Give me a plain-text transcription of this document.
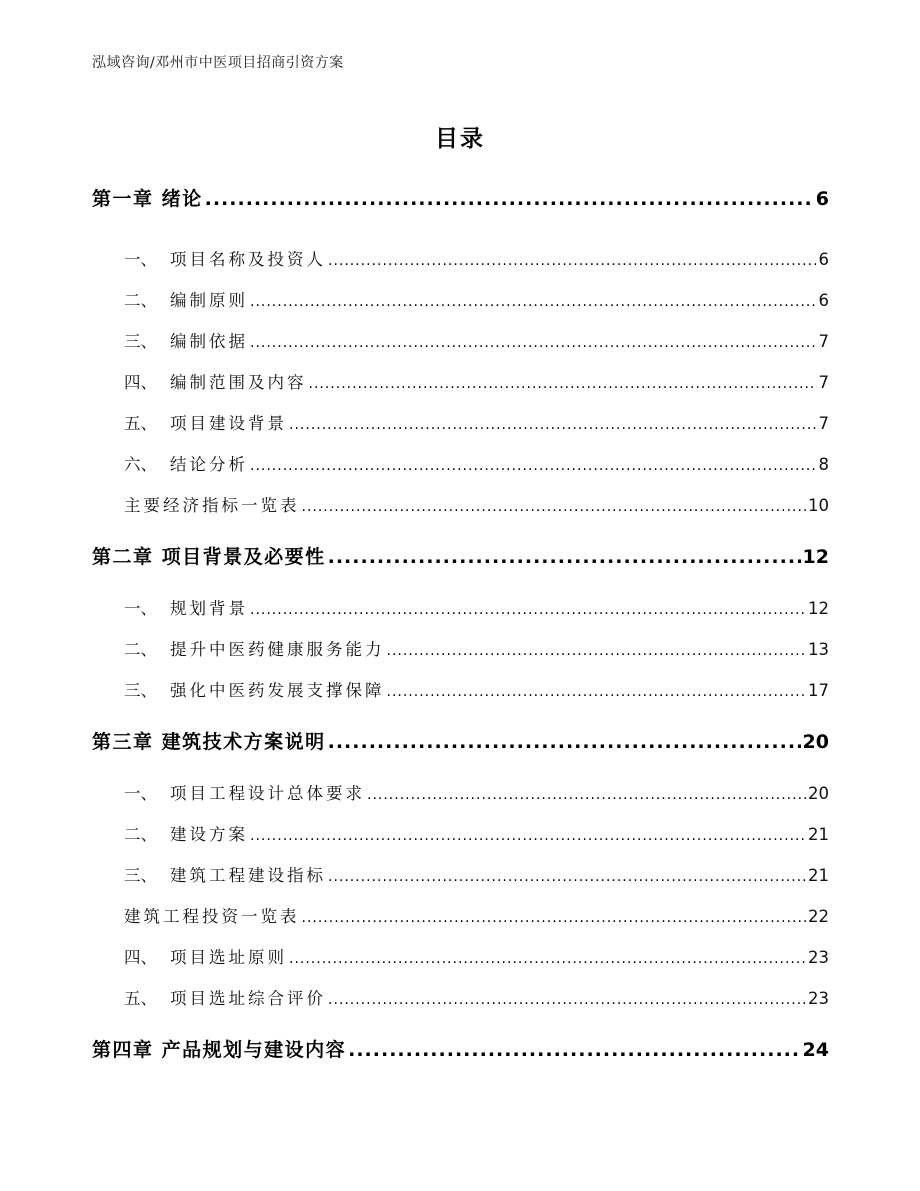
泓域咨询/邓州市中医项目招商引资方案
目录
第一章 绪论 .....	6
一、 项目名称及投资人 .....	6
二、 编制原则 .....	6
三、 编制依据 .....	7
四、 编制范围及内容 .....	7
五、 项目建设背景 .....	7
六、 结论分析 .....	8
主要经济指标一览表 .....	10
第二章 项目背景及必要性 .....	12
一、 规划背景 .....	12
二、 提升中医药健康服务能力 .....	13
三、 强化中医药发展支撑保障 .....	17
第三章 建筑技术方案说明 .....	20
一、 项目工程设计总体要求 .....	20
二、 建设方案 .....	21
三、 建筑工程建设指标 .....	21
建筑工程投资一览表 .....	22
四、 项目选址原则 .....	23
五、 项目选址综合评价 .....	23
第四章 产品规划与建设内容 .....	24
